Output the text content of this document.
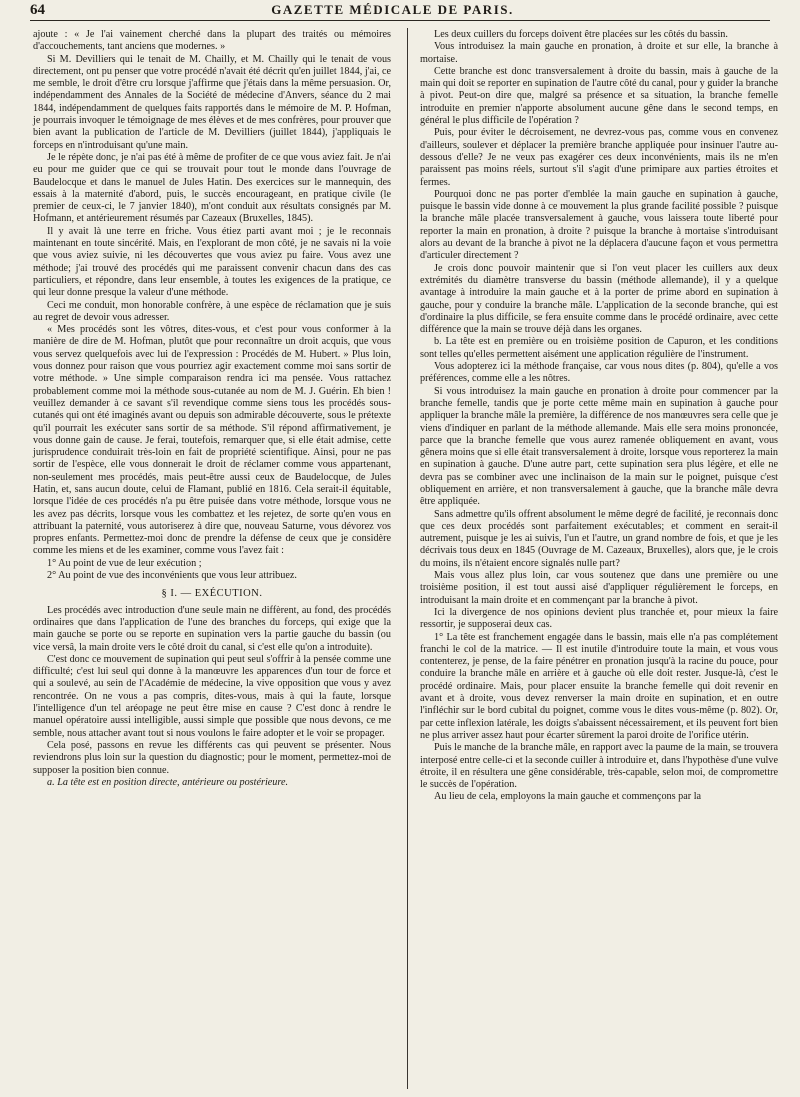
64	GAZETTE MÉDICALE DE PARIS.

ajoute : « Je l'ai vainement cherché dans la plupart des traités ou mémoires d'accouchements, tant anciens que modernes. »

Si M. Devilliers qui le tenait de M. Chailly, et M. Chailly qui le tenait de vous directement, ont pu penser que votre procédé n'avait été décrit qu'en juillet 1844, j'ai, ce me semble, le droit d'être cru lorsque j'affirme que j'étais dans la même persuasion. Or, indépendamment des Annales de la Société de médecine d'Anvers, séance du 2 mai 1844, indépendamment de quelques faits rapportés dans le mémoire de M. P. Hofman, je pourrais invoquer le témoignage de mes élèves et de mes confrères, pour prouver que bien avant la publication de l'article de M. Devilliers (juillet 1844), j'appliquais le forceps en n'introduisant qu'une main.

Je le répète donc, je n'ai pas été à même de profiter de ce que vous aviez fait. Je n'ai eu pour me guider que ce qui se trouvait pour tout le monde dans l'ouvrage de Baudelocque et dans le manuel de Jules Hatin. Des exercices sur le mannequin, des essais à la maternité d'abord, puis, le succès encourageant, en pratique civile (le premier de ceux-ci, le 7 janvier 1840), m'ont conduit aux résultats consignés par M. Hofmann, et antérieurement résumés par Cazeaux (Bruxelles, 1845).

Il y avait là une terre en friche. Vous étiez parti avant moi ; je le reconnais maintenant en toute sincérité. Mais, en l'explorant de mon côté, je ne savais ni la voie que vous aviez suivie, ni les découvertes que vous aviez pu faire. Vous avez une méthode; j'ai trouvé des procédés qui me paraissent convenir chacun dans des cas particuliers, et répondre, dans leur ensemble, à toutes les exigences de la pratique, ce qui leur donne presque la valeur d'une méthode.

Ceci me conduit, mon honorable confrère, à une espèce de réclamation que je suis au regret de devoir vous adresser.

« Mes procédés sont les vôtres, dites-vous, et c'est pour vous conformer à la manière de dire de M. Hofman, plutôt que pour reconnaître un droit acquis, que vous vous servez quelquefois avec lui de l'expression : Procédés de M. Hubert. » Plus loin, vous donnez pour raison que vous pourriez agir exactement comme moi sans sortir de votre méthode. » Une simple comparaison rendra ici ma pensée. Vous rattachez probablement comme moi la méthode sous-cutanée au nom de M. J. Guérin. Eh bien ! veuillez demander à ce savant s'il revendique comme siens tous les procédés sous-cutanés qui ont été imaginés avant ou depuis son admirable découverte, sous le prétexte qu'il pourrait les exécuter sans sortir de sa méthode. S'il répond affirmativement, je vous donne gain de cause. Je ferai, toutefois, remarquer que, si elle était admise, cette jurisprudence conduirait très-loin en fait de propriété scientifique. Ainsi, pour ne pas sortir de l'espèce, elle vous donnerait le droit de réclamer comme vous appartenant, non-seulement mes procédés, mais peut-être aussi ceux de Baudelocque, de Jules Hatin, et, sans aucun doute, celui de Flamant, publié en 1816. Cela serait-il équitable, lorsque l'idée de ces procédés n'a pu être puisée dans votre méthode, lorsque vous ne les avez pas décrits, lorsque vous les combattez et les rejetez, de sorte qu'en vous en attribuant la paternité, vous autoriserez à dire que, nouveau Saturne, vous dévorez vos propres enfants. Permettez-moi donc de prendre la défense de ceux que je considère comme les miens et de les examiner, comme vous l'avez fait :

1° Au point de vue de leur exécution ;

2° Au point de vue des inconvénients que vous leur attribuez.

§ I. — EXÉCUTION.

Les procédés avec introduction d'une seule main ne diffèrent, au fond, des procédés ordinaires que dans l'application de l'une des branches du forceps, qui exige que la main gauche se porte ou se reporte en supination vers la partie gauche du bassin (ou vice versâ, la main droite vers le côté droit du canal, si c'est elle qu'on a introduite).

C'est donc ce mouvement de supination qui peut seul s'offrir à la pensée comme une difficulté; c'est lui seul qui donne à la manœuvre les apparences d'un tour de force et qui a soulevé, au sein de l'Académie de médecine, la vive opposition que vous y avez rencontrée. On ne vous a pas compris, dites-vous, mais à qui la faute, lorsque l'intelligence d'un tel aréopage ne peut être mise en cause ? C'est donc à rendre le manuel opératoire aussi intelligible, aussi simple que possible que nous devons, ce me semble, nous attacher avant tout si nous voulons le faire adopter et le voir se propager.

Cela posé, passons en revue les différents cas qui peuvent se présenter. Nous reviendrons plus loin sur la question du diagnostic; pour le moment, permettez-moi de supposer la position bien connue.

a. La tête est en position directe, antérieure ou postérieure.

Les deux cuillers du forceps doivent être placées sur les côtés du bassin.

Vous introduisez la main gauche en pronation, à droite et sur elle, la branche à mortaise.

Cette branche est donc transversalement à droite du bassin, mais à gauche de la main qui doit se reporter en supination de l'autre côté du canal, pour y guider la branche à pivot. Peut-on dire que, malgré sa présence et sa situation, la branche femelle introduite en premier n'apporte absolument aucune gêne dans le second temps, en général le plus difficile de l'opération ?

Puis, pour éviter le décroisement, ne devrez-vous pas, comme vous en convenez d'ailleurs, soulever et déplacer la première branche appliquée pour insinuer l'autre au-dessous d'elle? Je ne veux pas exagérer ces deux inconvénients, mais ils ne m'en paraissent pas moins réels, surtout s'il s'agit d'une primipare aux parties étroites et fermes.

Pourquoi donc ne pas porter d'emblée la main gauche en supination à gauche, puisque le bassin vide donne à ce mouvement la plus grande facilité possible ? puisque la branche mâle placée transversalement à gauche, vous laissera toute liberté pour reporter la main en pronation, à droite ? puisque la branche à mortaise s'introduisant alors au devant de la branche à pivot ne la déplacera d'aucune façon et vous permettra d'articuler directement ?

Je crois donc pouvoir maintenir que si l'on veut placer les cuillers aux deux extrémités du diamètre transverse du bassin (méthode allemande), il y a quelque avantage à introduire la main gauche et à la porter de prime abord en supination à gauche, pour y conduire la branche mâle. L'application de la seconde branche, qui est d'ordinaire la plus difficile, se fera ensuite comme dans le procédé ordinaire, avec cette différence que la main se trouve déjà dans les organes.

b. La tête est en première ou en troisième position de Capuron, et les conditions sont telles qu'elles permettent aisément une application régulière de l'instrument.

Vous adopterez ici la méthode française, car vous nous dites (p. 804), qu'elle a vos préférences, comme elle a les nôtres.

Si vous introduisez la main gauche en pronation à droite pour commencer par la branche femelle, tandis que je porte cette même main en supination à gauche pour appliquer la branche mâle la première, la différence de nos manœuvres sera celle que je viens d'indiquer en parlant de la méthode allemande. Mais elle sera moins prononcée, parce que la branche femelle que vous aurez ramenée obliquement en avant, vous gênera moins que si elle était transversalement à droite, lorsque vous reporterez la main en supination à gauche. D'une autre part, cette supination sera plus légère, et elle ne devra pas se combiner avec une inclinaison de la main sur le poignet, puisque c'est obliquement en arrière, et non transversalement à gauche, que la branche mâle devra être appliquée.

Sans admettre qu'ils offrent absolument le même degré de facilité, je reconnais donc que ces deux procédés sont parfaitement exécutables; et comment en serait-il autrement, puisque je les ai suivis, l'un et l'autre, un grand nombre de fois, et que je les décrivais tous deux en 1845 (Ouvrage de M. Cazeaux, Bruxelles), alors que, je le crois du moins, ils n'étaient encore signalés nulle part?

Mais vous allez plus loin, car vous soutenez que dans une première ou une troisième position, il est tout aussi aisé d'appliquer régulièrement le forceps, en introduisant la main droite et en commençant par la branche à pivot.

Ici la divergence de nos opinions devient plus tranchée et, pour mieux la faire ressortir, je supposerai deux cas.

1° La tête est franchement engagée dans le bassin, mais elle n'a pas complétement franchi le col de la matrice. — Il est inutile d'introduire toute la main, et vous vous contenterez, je pense, de la faire pénétrer en pronation jusqu'à la racine du pouce, pour conduire la branche mâle en arrière et à gauche où elle doit rester. Jusque-là, c'est le procédé ordinaire. Mais, pour placer ensuite la branche femelle qui doit revenir en avant et à droite, vous devez renverser la main droite en supination, et en outre l'infléchir sur le bord cubital du poignet, comme vous le dites vous-même (p. 802). Or, par cette inflexion latérale, les doigts s'abaissent nécessairement, et ils peuvent fort bien ne plus arriver assez haut pour écarter sûrement la paroi droite de l'orifice utérin.

Puis le manche de la branche mâle, en rapport avec la paume de la main, se trouvera interposé entre celle-ci et la seconde cuiller à introduire et, dans l'hypothèse d'une vulve étroite, il en résultera une gêne considérable, très-capable, selon moi, de compromettre le succès de l'opération.

Au lieu de cela, employons la main gauche et commençons par la
